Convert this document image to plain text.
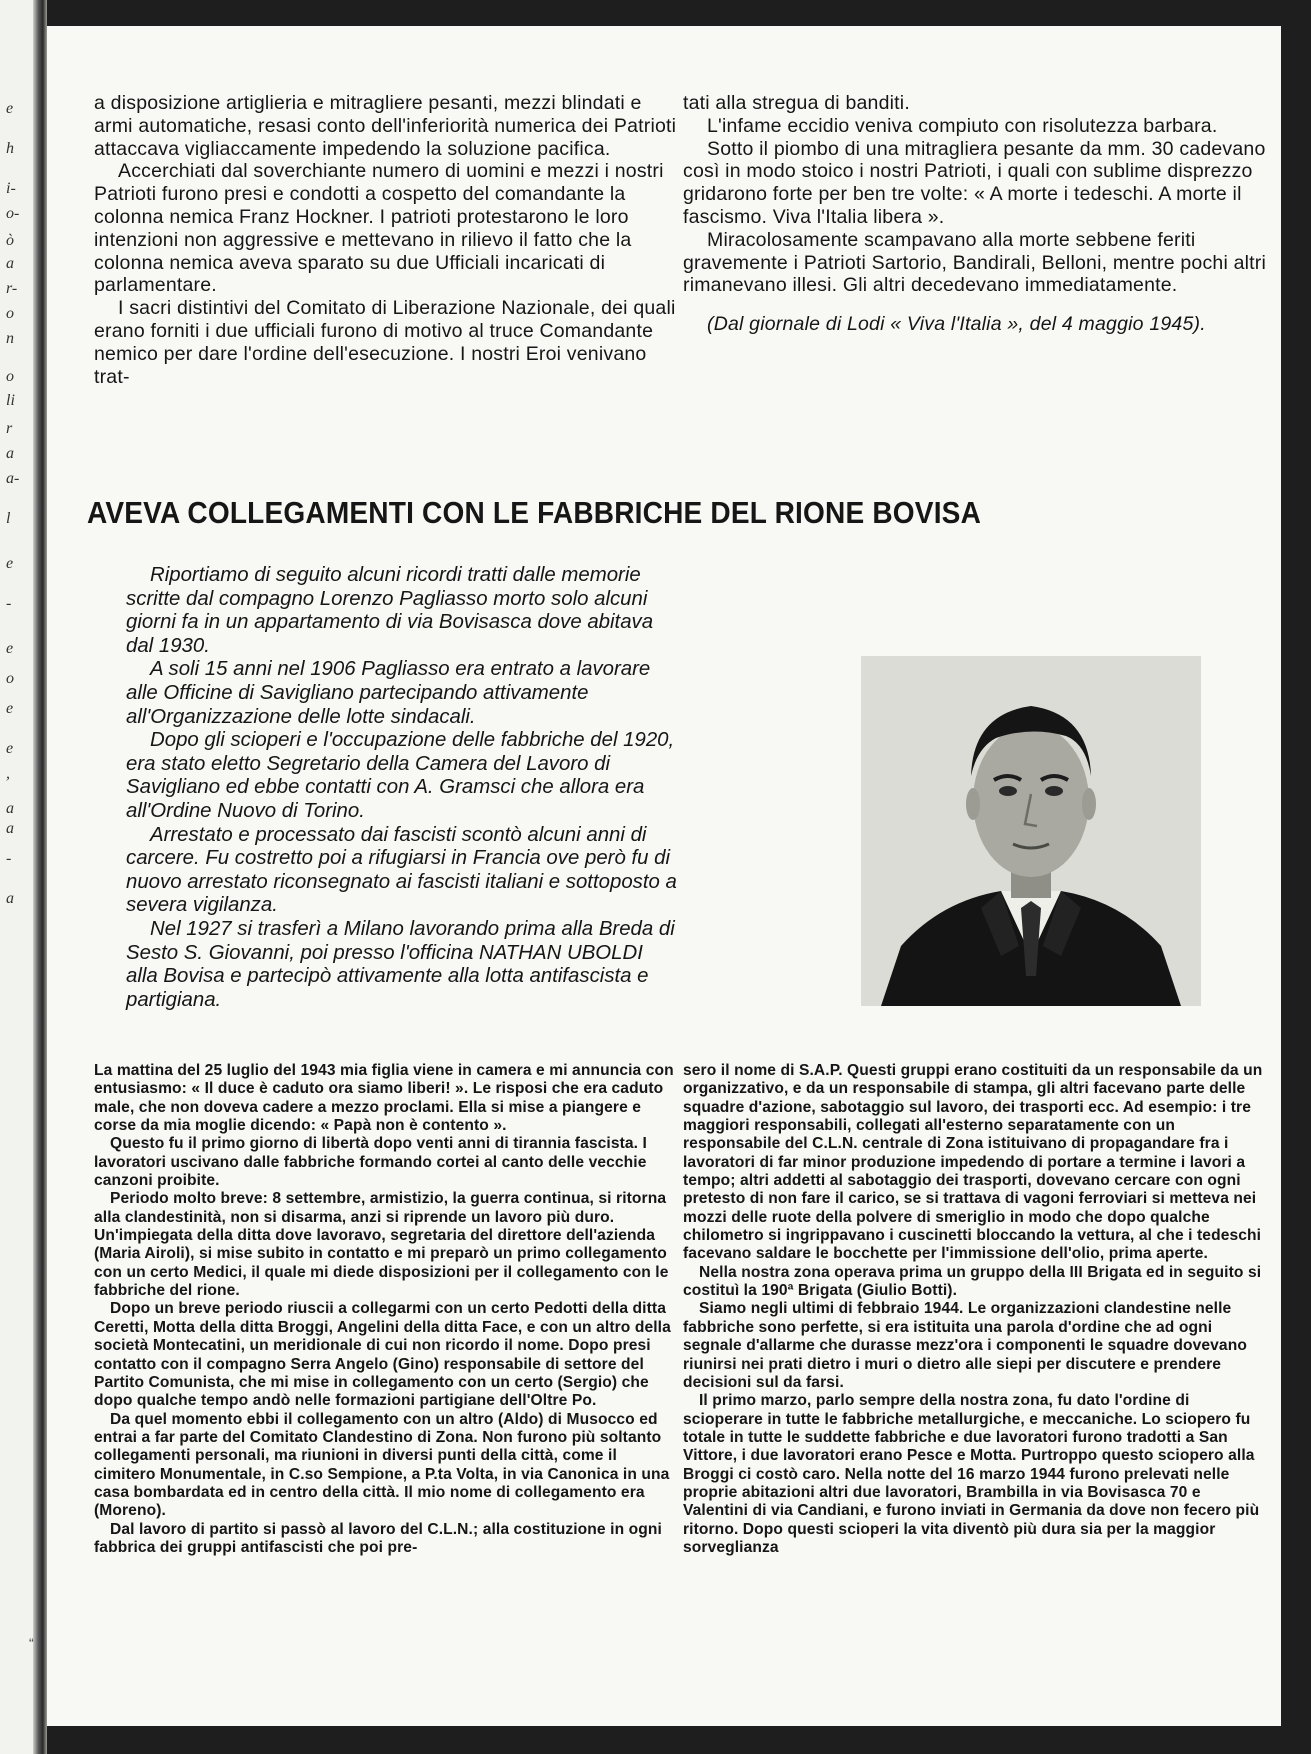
e
h
i-
o-
ò
a
r-
o
n
o
li
r
a
a-
l
e
-
e
o
e
e
,
a
a
-
a

a disposizione artiglieria e mitragliere pesanti, mezzi blindati e armi automatiche, resasi conto dell'inferiorità numerica dei Patrioti attaccava vigliaccamente impedendo la soluzione pacifica.

Accerchiati dal soverchiante numero di uomini e mezzi i nostri Patrioti furono presi e condotti a cospetto del comandante la colonna nemica Franz Hockner. I patrioti protestarono le loro intenzioni non aggressive e mettevano in rilievo il fatto che la colonna nemica aveva sparato su due Ufficiali incaricati di parlamentare.

I sacri distintivi del Comitato di Liberazione Nazionale, dei quali erano forniti i due ufficiali furono di motivo al truce Comandante nemico per dare l'ordine dell'esecuzione. I nostri Eroi venivano trat-

tati alla stregua di banditi.

L'infame eccidio veniva compiuto con risolutezza barbara.

Sotto il piombo di una mitragliera pesante da mm. 30 cadevano così in modo stoico i nostri Patrioti, i quali con sublime disprezzo gridarono forte per ben tre volte: « A morte i tedeschi. A morte il fascismo. Viva l'Italia libera ».

Miracolosamente scampavano alla morte sebbene feriti gravemente i Patrioti Sartorio, Bandirali, Belloni, mentre pochi altri rimanevano illesi. Gli altri decedevano immediatamente.

(Dal giornale di Lodi « Viva l'Italia », del 4 maggio 1945).

AVEVA COLLEGAMENTI CON LE FABBRICHE DEL RIONE BOVISA

Riportiamo di seguito alcuni ricordi tratti dalle memorie scritte dal compagno Lorenzo Pagliasso morto solo alcuni giorni fa in un appartamento di via Bovisasca dove abitava dal 1930.

A soli 15 anni nel 1906 Pagliasso era entrato a lavorare alle Officine di Savigliano partecipando attivamente all'Organizzazione delle lotte sindacali.

Dopo gli scioperi e l'occupazione delle fabbriche del 1920, era stato eletto Segretario della Camera del Lavoro di Savigliano ed ebbe contatti con A. Gramsci che allora era all'Ordine Nuovo di Torino.

Arrestato e processato dai fascisti scontò alcuni anni di carcere. Fu costretto poi a rifugiarsi in Francia ove però fu di nuovo arrestato riconsegnato ai fascisti italiani e sottoposto a severa vigilanza.

Nel 1927 si trasferì a Milano lavorando prima alla Breda di Sesto S. Giovanni, poi presso l'officina NATHAN UBOLDI alla Bovisa e partecipò attivamente alla lotta antifascista e partigiana.

La mattina del 25 luglio del 1943 mia figlia viene in camera e mi annuncia con entusiasmo: « Il duce è caduto ora siamo liberi! ». Le risposi che era caduto male, che non doveva cadere a mezzo proclami. Ella si mise a piangere e corse da mia moglie dicendo: « Papà non è contento ».

Questo fu il primo giorno di libertà dopo venti anni di tirannia fascista. I lavoratori uscivano dalle fabbriche formando cortei al canto delle vecchie canzoni proibite.

Periodo molto breve: 8 settembre, armistizio, la guerra continua, si ritorna alla clandestinità, non si disarma, anzi si riprende un lavoro più duro. Un'impiegata della ditta dove lavoravo, segretaria del direttore dell'azienda (Maria Airoli), si mise subito in contatto e mi preparò un primo collegamento con un certo Medici, il quale mi diede disposizioni per il collegamento con le fabbriche del rione.

Dopo un breve periodo riuscii a collegarmi con un certo Pedotti della ditta Ceretti, Motta della ditta Broggi, Angelini della ditta Face, e con un altro della società Montecatini, un meridionale di cui non ricordo il nome. Dopo presi contatto con il compagno Serra Angelo (Gino) responsabile di settore del Partito Comunista, che mi mise in collegamento con un certo (Sergio) che dopo qualche tempo andò nelle formazioni partigiane dell'Oltre Po.

Da quel momento ebbi il collegamento con un altro (Aldo) di Musocco ed entrai a far parte del Comitato Clandestino di Zona. Non furono più soltanto collegamenti personali, ma riunioni in diversi punti della città, come il cimitero Monumentale, in C.so Sempione, a P.ta Volta, in via Canonica in una casa bombardata ed in centro della città. Il mio nome di collegamento era (Moreno).

Dal lavoro di partito si passò al lavoro del C.L.N.; alla costituzione in ogni fabbrica dei gruppi antifascisti che poi pre-

sero il nome di S.A.P. Questi gruppi erano costituiti da un responsabile da un organizzativo, e da un responsabile di stampa, gli altri facevano parte delle squadre d'azione, sabotaggio sul lavoro, dei trasporti ecc. Ad esempio: i tre maggiori responsabili, collegati all'esterno separatamente con un responsabile del C.L.N. centrale di Zona istituivano di propagandare fra i lavoratori di far minor produzione impedendo di portare a termine i lavori a tempo; altri addetti al sabotaggio dei trasporti, dovevano cercare con ogni pretesto di non fare il carico, se si trattava di vagoni ferroviari si metteva nei mozzi delle ruote della polvere di smeriglio in modo che dopo qualche chilometro si ingrippavano i cuscinetti bloccando la vettura, al che i tedeschi facevano saldare le bocchette per l'immissione dell'olio, prima aperte.

Nella nostra zona operava prima un gruppo della III Brigata ed in seguito si costituì la 190ª Brigata (Giulio Botti).

Siamo negli ultimi di febbraio 1944. Le organizzazioni clandestine nelle fabbriche sono perfette, si era istituita una parola d'ordine che ad ogni segnale d'allarme che durasse mezz'ora i componenti le squadre dovevano riunirsi nei prati dietro i muri o dietro alle siepi per discutere e prendere decisioni sul da farsi.

Il primo marzo, parlo sempre della nostra zona, fu dato l'ordine di scioperare in tutte le fabbriche metallurgiche, e meccaniche. Lo sciopero fu totale in tutte le suddette fabbriche e due lavoratori furono tradotti a San Vittore, i due lavoratori erano Pesce e Motta. Purtroppo questo sciopero alla Broggi ci costò caro. Nella notte del 16 marzo 1944 furono prelevati nelle proprie abitazioni altri due lavoratori, Brambilla in via Bovisasca 70 e Valentini di via Candiani, e furono inviati in Germania da dove non fecero più ritorno. Dopo questi scioperi la vita diventò più dura sia per la maggior sorveglianza

“
